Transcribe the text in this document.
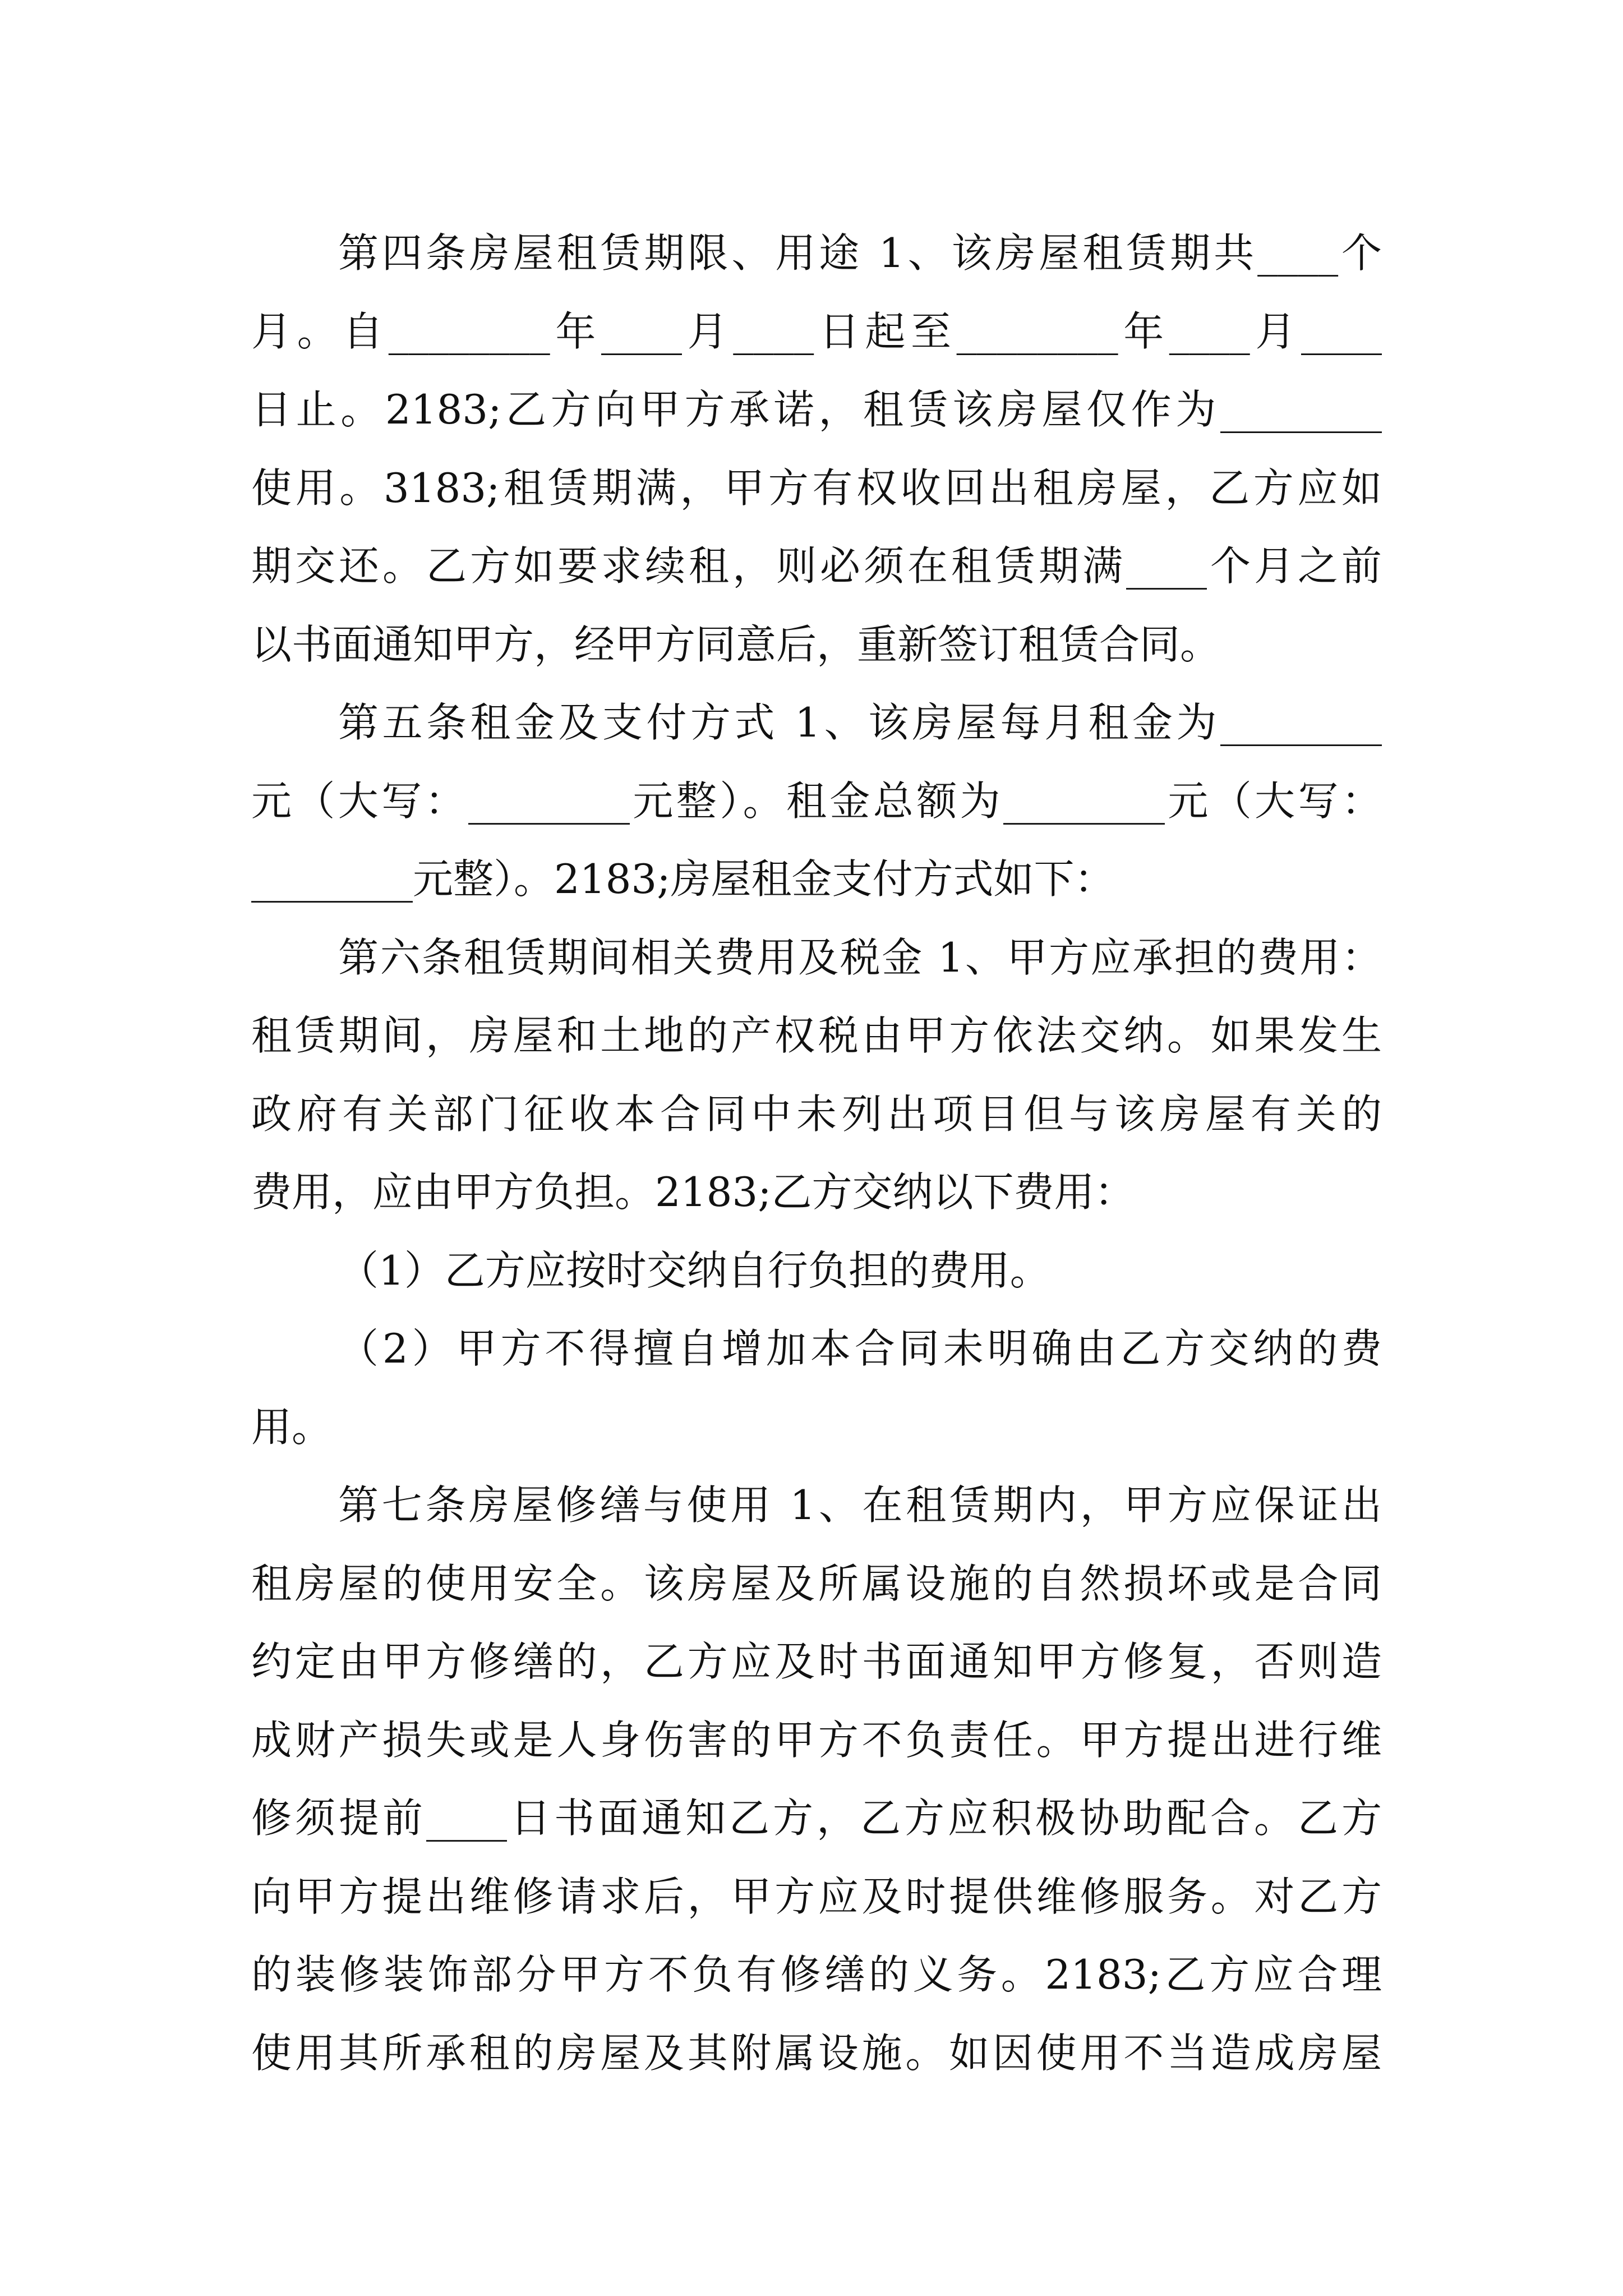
第四条房屋租赁期限、用途 1、该房屋租赁期共____个
月。自________年____月____日起至________年____月____
日止。2183;乙方向甲方承诺，租赁该房屋仅作为________
使用。3183;租赁期满，甲方有权收回出租房屋，乙方应如
期交还。乙方如要求续租，则必须在租赁期满____个月之前
以书面通知甲方，经甲方同意后，重新签订租赁合同。
第五条租金及支付方式 1、该房屋每月租金为________
元（大写：________元整）。租金总额为________元（大写：
________元整）。2183;房屋租金支付方式如下：
第六条租赁期间相关费用及税金 1、甲方应承担的费用：
租赁期间，房屋和土地的产权税由甲方依法交纳。如果发生
政府有关部门征收本合同中未列出项目但与该房屋有关的
费用，应由甲方负担。2183;乙方交纳以下费用：
（1）乙方应按时交纳自行负担的费用。
（2）甲方不得擅自增加本合同未明确由乙方交纳的费
用。
第七条房屋修缮与使用 1、在租赁期内，甲方应保证出
租房屋的使用安全。该房屋及所属设施的自然损坏或是合同
约定由甲方修缮的，乙方应及时书面通知甲方修复，否则造
成财产损失或是人身伤害的甲方不负责任。甲方提出进行维
修须提前____日书面通知乙方，乙方应积极协助配合。乙方
向甲方提出维修请求后，甲方应及时提供维修服务。对乙方
的装修装饰部分甲方不负有修缮的义务。2183;乙方应合理
使用其所承租的房屋及其附属设施。如因使用不当造成房屋
